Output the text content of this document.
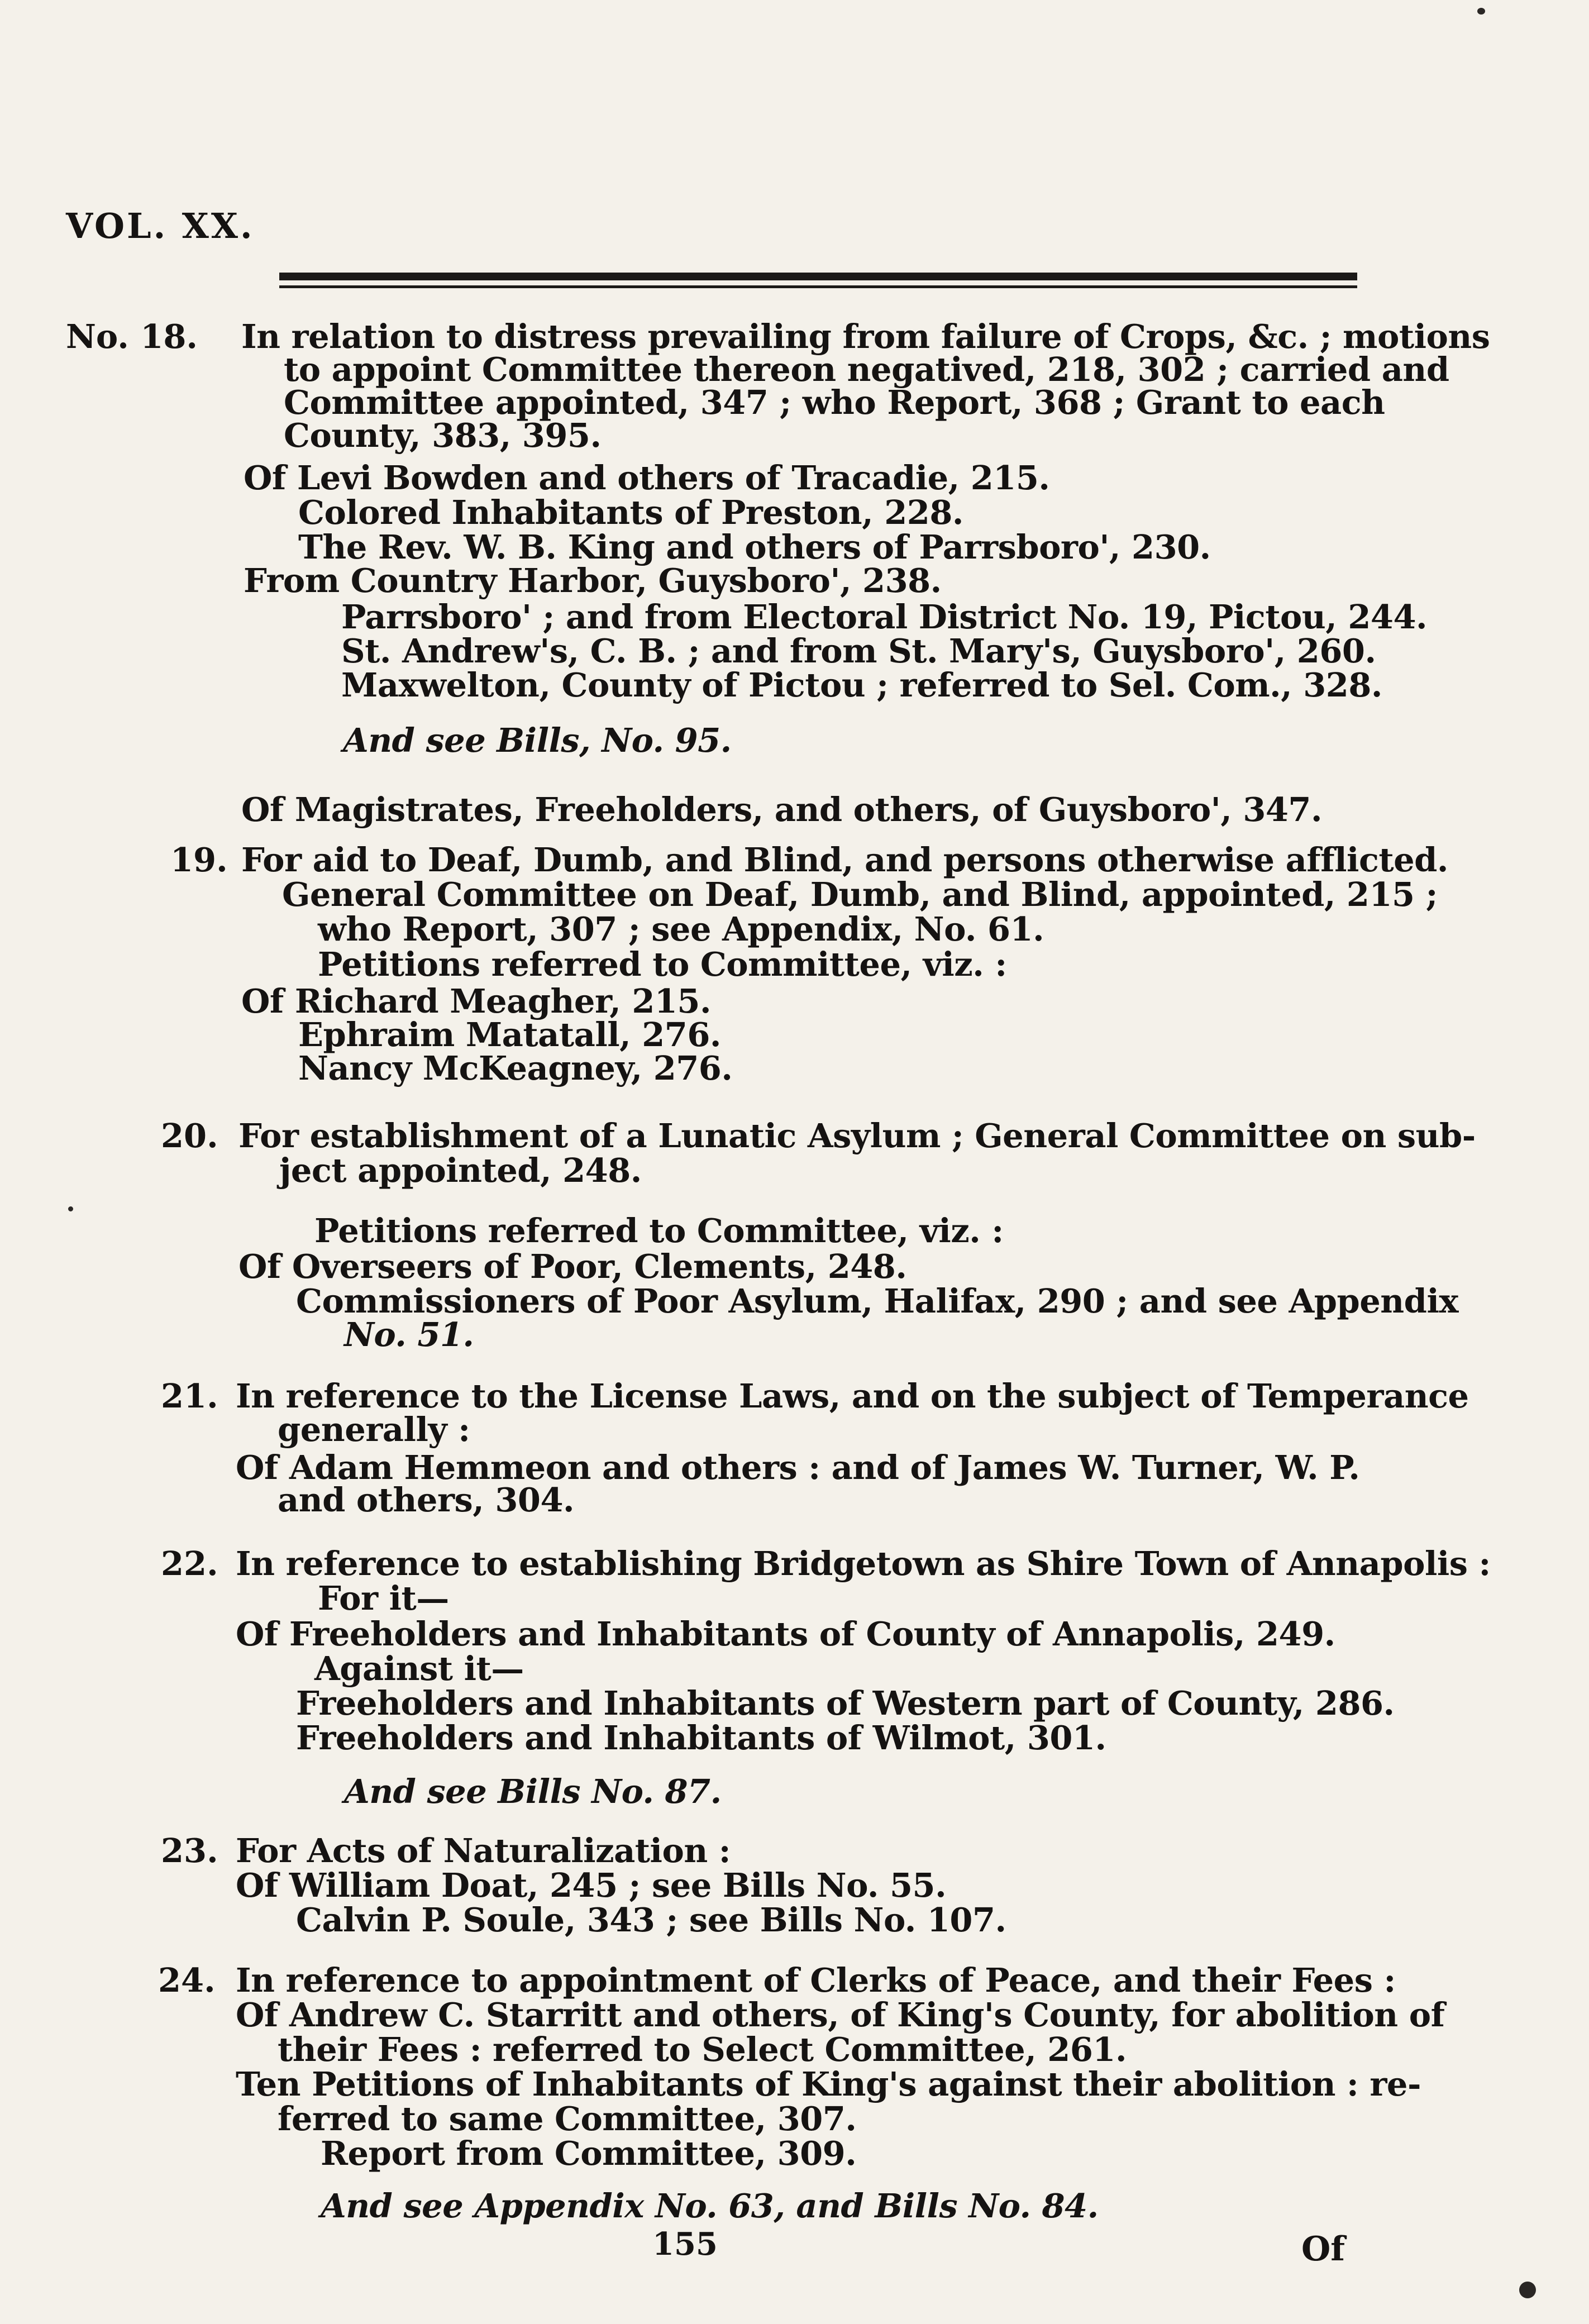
VOL. XX.
No. 18. In relation to distress prevailing from failure of Crops, &c. ; motions
to appoint Committee thereon negatived, 218, 302 ; carried and
Committee appointed, 347 ; who Report, 368 ; Grant to each
County, 383, 395.
Of Levi Bowden and others of Tracadie, 215.
Colored Inhabitants of Preston, 228.
The Rev. W. B. King and others of Parrsboro', 230.
From Country Harbor, Guysboro', 238.
Parrsboro' ; and from Electoral District No. 19, Pictou, 244.
St. Andrew's, C. B. ; and from St. Mary's, Guysboro', 260.
Maxwelton, County of Pictou ; referred to Sel. Com., 328.
And see Bills, No. 95.
Of Magistrates, Freeholders, and others, of Guysboro', 347.
19. For aid to Deaf, Dumb, and Blind, and persons otherwise afflicted.
General Committee on Deaf, Dumb, and Blind, appointed, 215 ;
who Report, 307 ; see Appendix, No. 61.
Petitions referred to Committee, viz. :
Of Richard Meagher, 215.
Ephraim Matatall, 276.
Nancy McKeagney, 276.
20. For establishment of a Lunatic Asylum ; General Committee on sub-
ject appointed, 248.
Petitions referred to Committee, viz. :
Of Overseers of Poor, Clements, 248.
Commissioners of Poor Asylum, Halifax, 290 ; and see Appendix
No. 51.
21. In reference to the License Laws, and on the subject of Temperance
generally :
Of Adam Hemmeon and others : and of James W. Turner, W. P.
and others, 304.
22. In reference to establishing Bridgetown as Shire Town of Annapolis :
For it—
Of Freeholders and Inhabitants of County of Annapolis, 249.
Against it—
Freeholders and Inhabitants of Western part of County, 286.
Freeholders and Inhabitants of Wilmot, 301.
And see Bills No. 87.
23. For Acts of Naturalization :
Of William Doat, 245 ; see Bills No. 55.
Calvin P. Soule, 343 ; see Bills No. 107.
24. In reference to appointment of Clerks of Peace, and their Fees :
Of Andrew C. Starritt and others, of King's County, for abolition of
their Fees : referred to Select Committee, 261.
Ten Petitions of Inhabitants of King's against their abolition : re-
ferred to same Committee, 307.
Report from Committee, 309.
And see Appendix No. 63, and Bills No. 84.
155	Of
